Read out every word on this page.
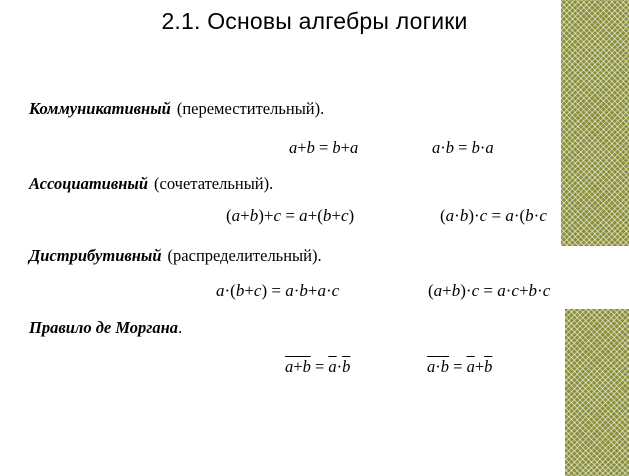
2.1. Основы алгебры логики
Коммуникативный (переместительный).
a+b = b+a	a·b = b·a
Ассоциативный (сочетательный).
(a+b)+c = a+(b+c)	(a·b)·c = a·(b·c
Дистрибутивный (распределительный).
a·(b+c) = a·b+a·c	(a+b)·c = a·c+b·c
Правило де Моргана.
$a+b = \overline{a}\cdot\overline{b}$	$a\cdot b = \overline{a}+\overline{b}$
